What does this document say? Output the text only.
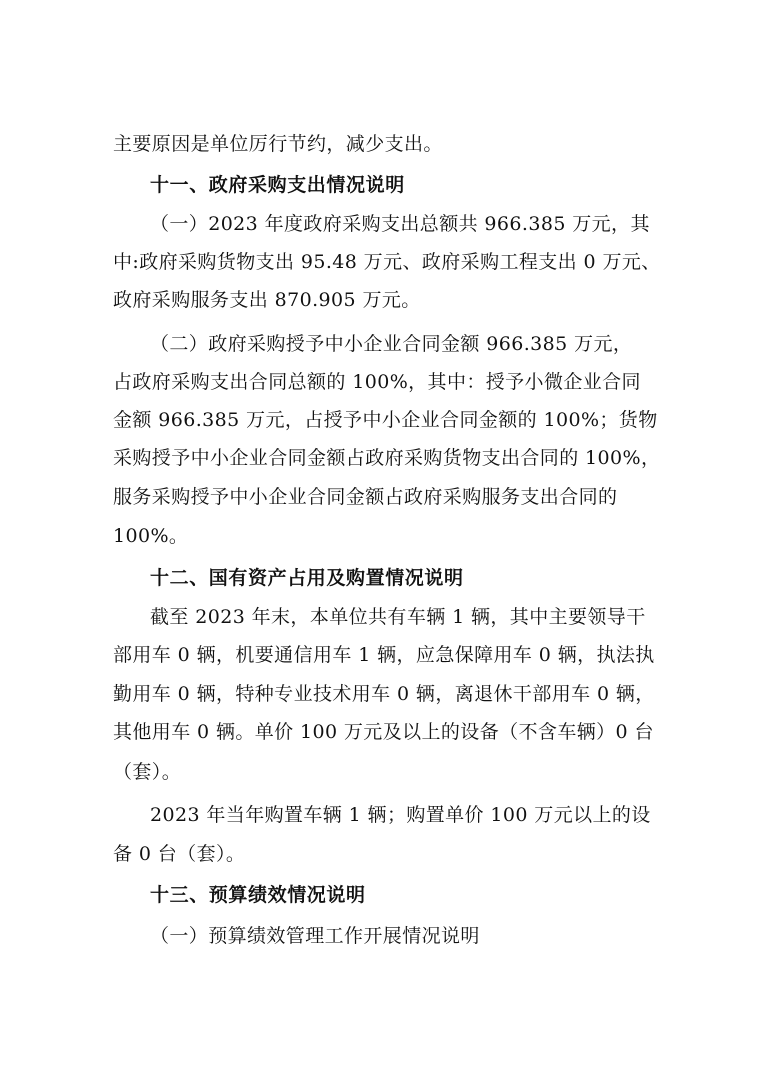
主要原因是单位厉行节约，减少支出。
十一、政府采购支出情况说明
（一）2023 年度政府采购支出总额共 966.385 万元，其
中:政府采购货物支出 95.48 万元、政府采购工程支出 0 万元、
政府采购服务支出 870.905 万元。
（二）政府采购授予中小企业合同金额 966.385 万元，
占政府采购支出合同总额的 100%，其中：授予小微企业合同
金额 966.385 万元，占授予中小企业合同金额的 100%；货物
采购授予中小企业合同金额占政府采购货物支出合同的 100%，
服务采购授予中小企业合同金额占政府采购服务支出合同的
100%。
十二、国有资产占用及购置情况说明
截至 2023 年末，本单位共有车辆 1 辆，其中主要领导干
部用车 0 辆，机要通信用车 1 辆，应急保障用车 0 辆，执法执
勤用车 0 辆，特种专业技术用车 0 辆，离退休干部用车 0 辆，
其他用车 0 辆。单价 100 万元及以上的设备（不含车辆）0 台
（套）。
2023 年当年购置车辆 1 辆；购置单价 100 万元以上的设
备 0 台（套）。
十三、预算绩效情况说明
（一）预算绩效管理工作开展情况说明
